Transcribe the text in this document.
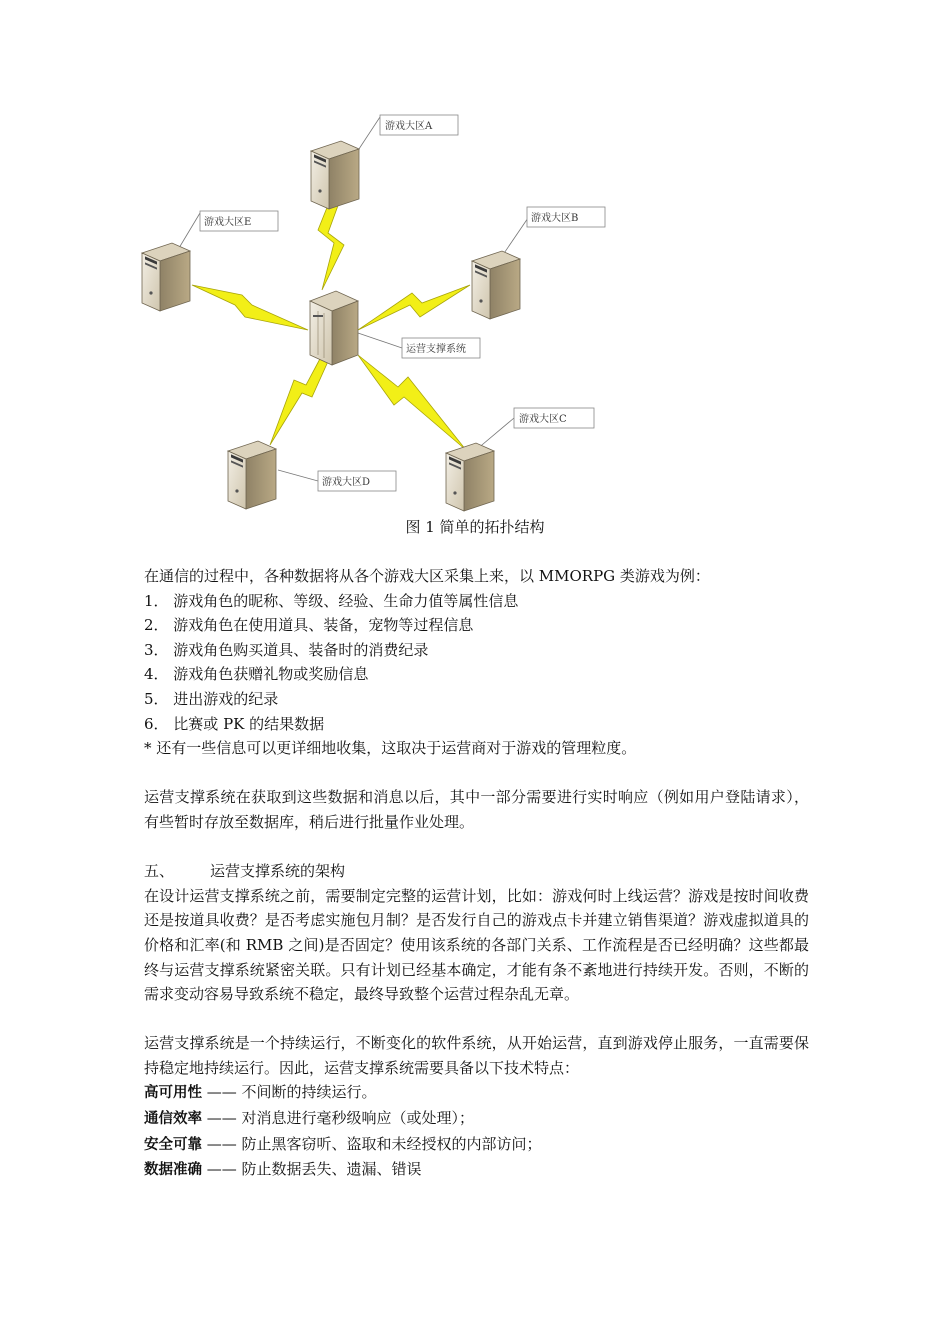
游戏大区A
游戏大区E	游戏大区B
运营支撑系统
游戏大区C
游戏大区D
图 1 简单的拓扑结构

在通信的过程中，各种数据将从各个游戏大区采集上来，以 MMORPG 类游戏为例：

1． 游戏角色的昵称、等级、经验、生命力值等属性信息

2． 游戏角色在使用道具、装备，宠物等过程信息

3． 游戏角色购买道具、装备时的消费纪录

4． 游戏角色获赠礼物或奖励信息

5． 进出游戏的纪录

6． 比赛或 PK 的结果数据

* 还有一些信息可以更详细地收集，这取决于运营商对于游戏的管理粒度。

运营支撑系统在获取到这些数据和消息以后，其中一部分需要进行实时响应（例如用户登陆请求），有些暂时存放至数据库，稍后进行批量作业处理。

五、 运营支撑系统的架构

在设计运营支撑系统之前，需要制定完整的运营计划，比如：游戏何时上线运营？游戏是按时间收费还是按道具收费？是否考虑实施包月制？是否发行自己的游戏点卡并建立销售渠道？游戏虚拟道具的价格和汇率(和 RMB 之间)是否固定？使用该系统的各部门关系、工作流程是否已经明确？这些都最终与运营支撑系统紧密关联。只有计划已经基本确定，才能有条不紊地进行持续开发。否则，不断的需求变动容易导致系统不稳定，最终导致整个运营过程杂乱无章。

运营支撑系统是一个持续运行，不断变化的软件系统，从开始运营，直到游戏停止服务，一直需要保持稳定地持续运行。因此，运营支撑系统需要具备以下技术特点：

高可用性 —— 不间断的持续运行。

通信效率 —— 对消息进行毫秒级响应（或处理）；

安全可靠 —— 防止黑客窃听、盗取和未经授权的内部访问；

数据准确 —— 防止数据丢失、遗漏、错误
